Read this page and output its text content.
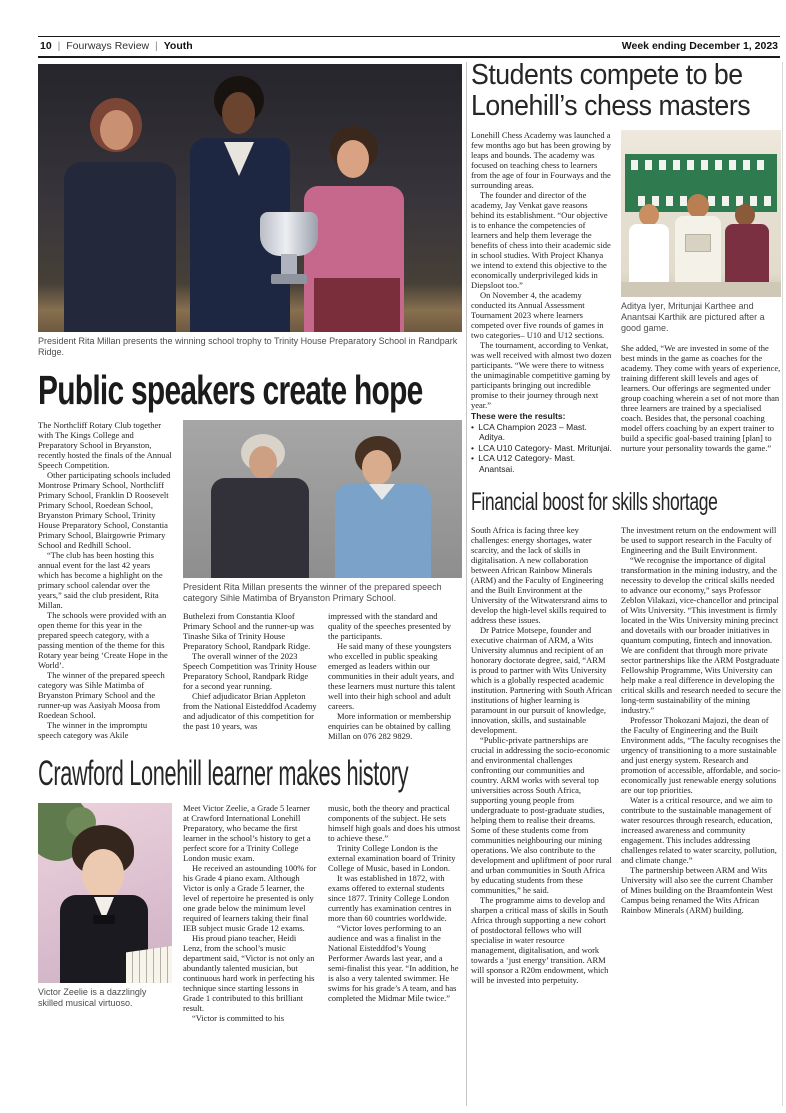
10 | Fourways Review | Youth	Week ending December 1, 2023
President Rita Millan presents the winning school trophy to Trinity House Preparatory School in Randpark Ridge.
Public speakers create hope

The Northcliff Rotary Club together with The Kings College and Preparatory School in Bryanston, recently hosted the finals of the Annual Speech Competition.

Other participating schools included Montrose Primary School, Northcliff Primary School, Franklin D Roosevelt Primary School, Roedean School, Bryanston Primary School, Trinity House Preparatory School, Constantia Primary School, Blairgowrie Primary School and Redhill School.

“The club has been hosting this annual event for the last 42 years which has become a highlight on the primary school calendar over the years,” said the club president, Rita Millan.

The schools were provided with an open theme for this year in the prepared speech category, with a passing mention of the theme for this Rotary year being ‘Create Hope in the World’.

The winner of the prepared speech category was Sihle Matimba of Bryanston Primary School and the runner-up was Aasiyah Moosa from Roedean School.

The winner in the impromptu speech category was Akile

President Rita Millan presents the winner of the prepared speech category Sihle Matimba of Bryanston Primary School.

Buthelezi from Constantia Kloof Primary School and the runner-up was Tinashe Sika of Trinity House Preparatory School, Randpark Ridge.

The overall winner of the 2023 Speech Competition was Trinity House Preparatory School, Randpark Ridge for a second year running.

Chief adjudicator Brian Appleton from the National Eisteddfod Academy and adjudicator of this competition for the past 10 years, was

impressed with the standard and quality of the speeches presented by the participants.

He said many of these youngsters who excelled in public speaking emerged as leaders within our communities in their adult years, and these learners must nurture this talent well into their high school and adult careers.

More information or membership enquiries can be obtained by calling Millan on 076 282 9829.

Crawford Lonehill learner makes history
Victor Zeelie is a dazzlingly skilled musical virtuoso.

Meet Victor Zeelie, a Grade 5 learner at Crawford International Lonehill Preparatory, who became the first learner in the school’s history to get a perfect score for a Trinity College London music exam.

He received an astounding 100% for his Grade 4 piano exam. Although Victor is only a Grade 5 learner, the level of repertoire he presented is only one grade below the minimum level required of learners taking their final IEB subject music Grade 12 exams.

His proud piano teacher, Heidi Lenz, from the school’s music department said, “Victor is not only an abundantly talented musician, but continuous hard work in perfecting his technique since starting lessons in Grade 1 contributed to this brilliant result.

“Victor is committed to his

music, both the theory and practical components of the subject. He sets himself high goals and does his utmost to achieve these.”

Trinity College London is the external examination board of Trinity College of Music, based in London.

It was established in 1872, with exams offered to external students since 1877. Trinity College London currently has examination centres in more than 60 countries worldwide.

“Victor loves performing to an audience and was a finalist in the National Eisteddfod’s Young Performer Awards last year, and a semi-finalist this year. “In addition, he is also a very talented swimmer. He swims for his grade’s A team, and has completed the Midmar Mile twice.”

Students compete to be Lonehill’s chess masters

Lonehill Chess Academy was launched a few months ago but has been growing by leaps and bounds. The academy was focused on teaching chess to learners from the age of four in Fourways and the surrounding areas.

The founder and director of the academy, Jay Venkat gave reasons behind its establishment. “Our objective is to enhance the competencies of learners and help them leverage the benefits of chess into their academic side in school studies. With Project Khanya we intend to extend this objective to the economically underprivileged kids in Diepsloot too.”

On November 4, the academy conducted its Annual Assessment Tournament 2023 where learners competed over five rounds of games in two categories– U10 and U12 sections.

The tournament, according to Venkat, was well received with almost two dozen participants. “We were there to witness the unimaginable competitive gaming by participants bringing out incredible promise to their journey through next year.”

These were the results:
• LCA Champion 2023 – Mast. Aditya.
• LCA U10 Category- Mast. Mritunjai.
• LCA U12 Category- Mast. Anantsai.
Aditya Iyer, Mritunjai Karthee and Anantsai Karthik are pictured after a good game.

She added, “We are invested in some of the best minds in the game as coaches for the academy. They come with years of experience, training different skill levels and ages of learners. Our offerings are segmented under group coaching wherein a set of not more than three learners are trained by a specialised coach. Besides that, the personal coaching model offers coaching by an expert trainer to build a specific goal-based training [plan] to nurture your personality towards the game.”

Financial boost for skills shortage

South Africa is facing three key challenges: energy shortages, water scarcity, and the lack of skills in digitalisation. A new collaboration between African Rainbow Minerals (ARM) and the Faculty of Engineering and the Built Environment at the University of the Witwatersrand aims to develop the high-level skills required to address these issues.

Dr Patrice Motsepe, founder and executive chairman of ARM, a Wits University alumnus and recipient of an honorary doctorate degree, said, “ARM is proud to partner with Wits University which is a globally respected academic institution. Partnering with South African institutions of higher learning is paramount in our pursuit of knowledge, innovation, skills, and sustainable development.

“Public-private partnerships are crucial in addressing the socio-economic and environmental challenges confronting our communities and country. ARM works with several top universities across South Africa, supporting young people from undergraduate to post-graduate studies, helping them to realise their dreams. Some of these students come from communities neighbouring our mining operations. We also contribute to the development and upliftment of poor rural and urban communities in South Africa by educating students from these communities,” he said.

The programme aims to develop and sharpen a critical mass of skills in South Africa through supporting a new cohort of postdoctoral fellows who will specialise in water resource management, digitalisation, and work towards a ‘just energy’ transition. ARM will sponsor a R20m endowment, which will be invested into perpetuity.

The investment return on the endowment will be used to support research in the Faculty of Engineering and the Built Environment.

“We recognise the importance of digital transformation in the mining industry, and the necessity to develop the critical skills needed to advance our economy,” says Professor Zeblon Vilakazi, vice-chancellor and principal of Wits University. “This investment is firmly located in the Wits University mining precinct and dovetails with our broader initiatives in quantum computing, fintech and innovation. We are confident that through more private sector partnerships like the ARM Postgraduate Fellowship Programme, Wits University can help make a real difference in developing the critical skills and research needed to secure the long-term sustainability of the mining industry.”

Professor Thokozani Majozi, the dean of the Faculty of Engineering and the Built Environment adds, “The faculty recognises the urgency of transitioning to a more sustainable and just energy system. Research and promotion of accessible, affordable, and socio-economically just renewable energy solutions are our top priorities.

Water is a critical resource, and we aim to contribute to the sustainable management of water resources through research, education, increased awareness and community engagement. This includes addressing challenges related to water scarcity, pollution, and climate change.”

The partnership between ARM and Wits University will also see the current Chamber of Mines building on the Braamfontein West Campus being renamed the Wits African Rainbow Minerals (ARM) building.
